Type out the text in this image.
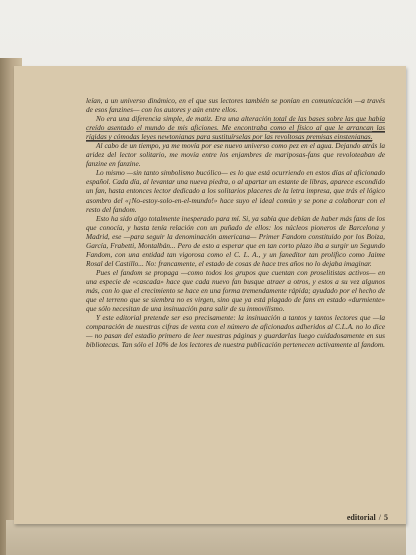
leían, a un universo dinámico, en el que sus lectores también se ponían en comunicación —a través de esos fanzines— con los autores y aún entre ellos.

No era una diferencia simple, de matiz. Era una alteración total de las bases sobre las que había creído asentado el mundo de mis aficiones. Me encontraba como el físico al que le arrancan las rígidas y cómodas leyes newtonianas para sustituírselas por las revoltosas premisas einstenianas.

Al cabo de un tiempo, ya me movía por ese nuevo universo como pez en el agua. Dejando atrás la aridez del lector solitario, me movía entre los enjambres de mariposas-fans que revoloteaban de fanzine en fanzine.

Lo mismo —sin tanto simbolismo bucólico— es lo que está ocurriendo en estos días al aficionado español. Cada día, al levantar una nueva piedra, o al apartar un estante de libras, aparece escondido un fan, hasta entonces lector dedicado a los solitarios placeres de la letra impresa, que trás el lógico asombro del «¡No-estoy-solo-en-el-mundo!» hace suyo el ideal común y se pone a colaborar con el resto del fandom.

Esto ha sido algo totalmente inesperado para mí. Si, ya sabía que debían de haber más fans de los que conocía, y hasta tenía relación con un puñado de ellos: los núcleos pioneros de Barcelona y Madrid, ese —para seguir la denominación americana— Primer Fandom constituido por los Boiza, García, Frabetti, Montalbán... Pero de esto a esperar que en tan corto plazo iba a surgir un Segundo Fandom, con una entidad tan vigorosa como el C. L. A., y un faneditor tan prolífico como Jaime Rosal del Castillo... No: francamente, el estado de cosas de hace tres años no lo dejaba imaginar.

Pues el fandom se propaga —como todos los grupos que cuentan con proselitistas activos— en una especie de «cascada» hace que cada nuevo fan busque atraer a otros, y estos a su vez algunos más, con lo que el crecimiento se hace en una forma tremendamente rápida; ayudado por el hecho de que el terreno que se siembra no es virgen, sino que ya está plagado de fans en estado «durmiente» que sólo necesitan de una insinuación para salir de su inmovilismo.

Y este editorial pretende ser eso precisamente: la insinuación a tantos y tantos lectores que —la comparación de nuestras cifras de venta con el número de aficionados adheridos al C.L.A. no lo dice— no pasan del estadio primero de leer nuestras páginas y guardarlas luego cuidadosamente en sus bibliotecas. Tan sólo el 10% de los lectores de nuestra publicación pertenecen activamente al fandom.

editorial / 5
